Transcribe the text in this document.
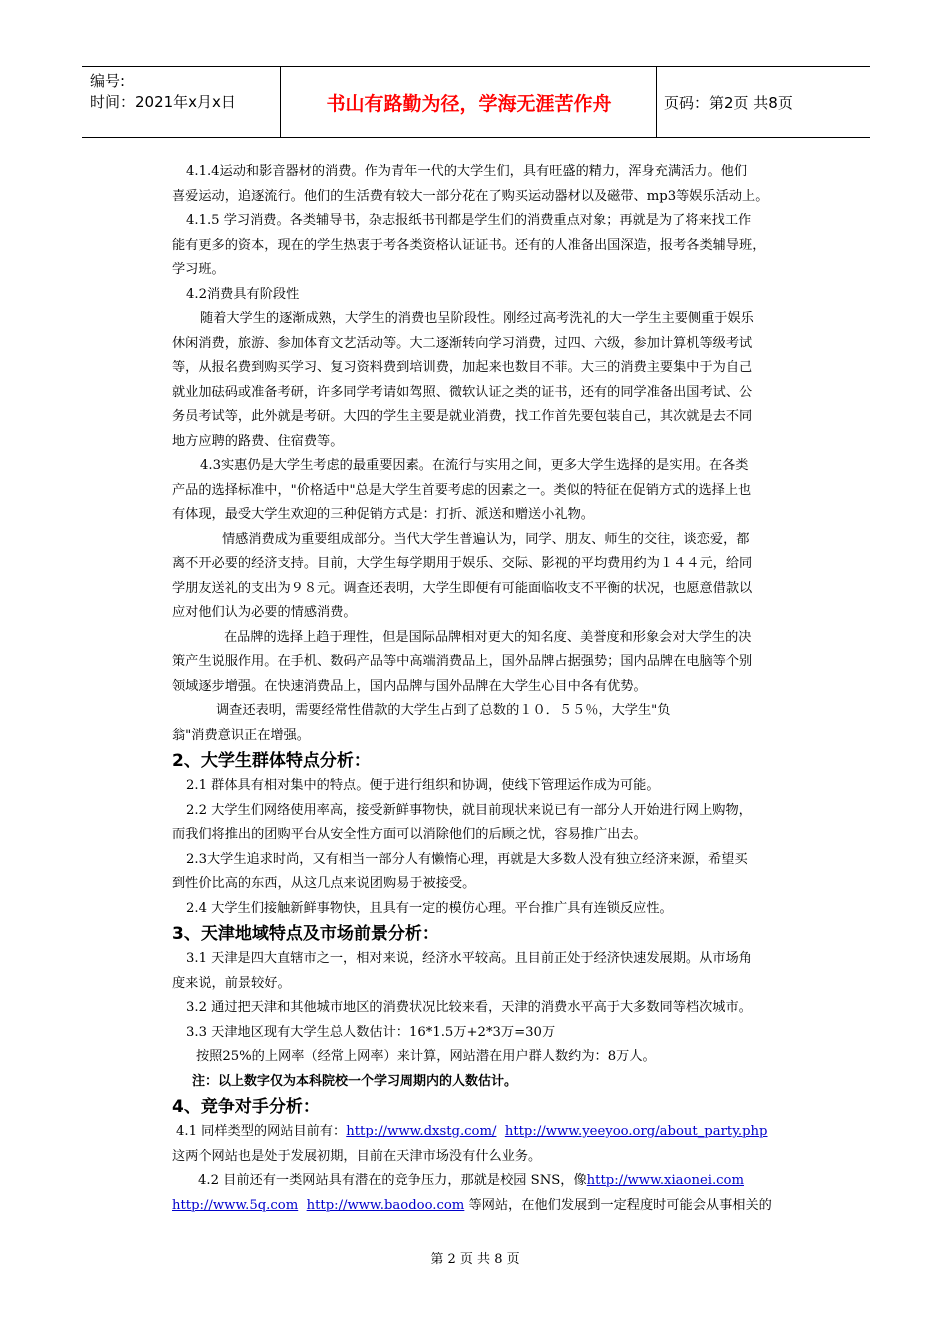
编号:
时间：2021年x月x日	书山有路勤为径，学海无涯苦作舟	页码：第2页 共8页

4.1.4运动和影音器材的消费。作为青年一代的大学生们，具有旺盛的精力，浑身充满活力。他们

喜爱运动，追逐流行。他们的生活费有较大一部分花在了购买运动器材以及磁带、mp3等娱乐活动上。

4.1.5 学习消费。各类辅导书，杂志报纸书刊都是学生们的消费重点对象；再就是为了将来找工作

能有更多的资本，现在的学生热衷于考各类资格认证证书。还有的人准备出国深造，报考各类辅导班，

学习班。

4.2消费具有阶段性

随着大学生的逐渐成熟，大学生的消费也呈阶段性。刚经过高考洗礼的大一学生主要侧重于娱乐

休闲消费，旅游、参加体育文艺活动等。大二逐渐转向学习消费，过四、六级，参加计算机等级考试

等，从报名费到购买学习、复习资料费到培训费，加起来也数目不菲。大三的消费主要集中于为自己

就业加砝码或准备考研，许多同学考请如驾照、微软认证之类的证书，还有的同学准备出国考试、公

务员考试等，此外就是考研。大四的学生主要是就业消费，找工作首先要包装自己，其次就是去不同

地方应聘的路费、住宿费等。

4.3实惠仍是大学生考虑的最重要因素。在流行与实用之间，更多大学生选择的是实用。在各类

产品的选择标准中，"价格适中"总是大学生首要考虑的因素之一。类似的特征在促销方式的选择上也

有体现，最受大学生欢迎的三种促销方式是：打折、派送和赠送小礼物。

情感消费成为重要组成部分。当代大学生普遍认为，同学、朋友、师生的交往，谈恋爱，都

离不开必要的经济支持。目前，大学生每学期用于娱乐、交际、影视的平均费用约为１４４元，给同

学朋友送礼的支出为９８元。调查还表明，大学生即便有可能面临收支不平衡的状况，也愿意借款以

应对他们认为必要的情感消费。

在品牌的选择上趋于理性，但是国际品牌相对更大的知名度、美誉度和形象会对大学生的决

策产生说服作用。在手机、数码产品等中高端消费品上，国外品牌占据强势；国内品牌在电脑等个别

领域逐步增强。在快速消费品上，国内品牌与国外品牌在大学生心目中各有优势。

调查还表明，需要经常性借款的大学生占到了总数的１０．５５％，大学生"负

翁"消费意识正在增强。

2、大学生群体特点分析：

2.1 群体具有相对集中的特点。便于进行组织和协调，使线下管理运作成为可能。

2.2 大学生们网络使用率高，接受新鲜事物快，就目前现状来说已有一部分人开始进行网上购物，

而我们将推出的团购平台从安全性方面可以消除他们的后顾之忧，容易推广出去。

2.3大学生追求时尚，又有相当一部分人有懒惰心理，再就是大多数人没有独立经济来源，希望买

到性价比高的东西，从这几点来说团购易于被接受。

2.4 大学生们接触新鲜事物快，且具有一定的模仿心理。平台推广具有连锁反应性。

3、天津地域特点及市场前景分析：

3.1 天津是四大直辖市之一，相对来说，经济水平较高。且目前正处于经济快速发展期。从市场角

度来说，前景较好。

3.2 通过把天津和其他城市地区的消费状况比较来看，天津的消费水平高于大多数同等档次城市。

3.3 天津地区现有大学生总人数估计：16*1.5万+2*3万=30万

按照25%的上网率（经常上网率）来计算，网站潜在用户群人数约为：8万人。

注：以上数字仅为本科院校一个学习周期内的人数估计。

4、竞争对手分析：

4.1 同样类型的网站目前有：http://www.dxstg.com/ http://www.yeeyoo.org/about_party.php

这两个网站也是处于发展初期，目前在天津市场没有什么业务。

4.2 目前还有一类网站具有潜在的竞争压力，那就是校园 SNS，像http://www.xiaonei.com

http://www.5q.com http://www.baodoo.com 等网站，在他们发展到一定程度时可能会从事相关的

第 2 页 共 8 页
